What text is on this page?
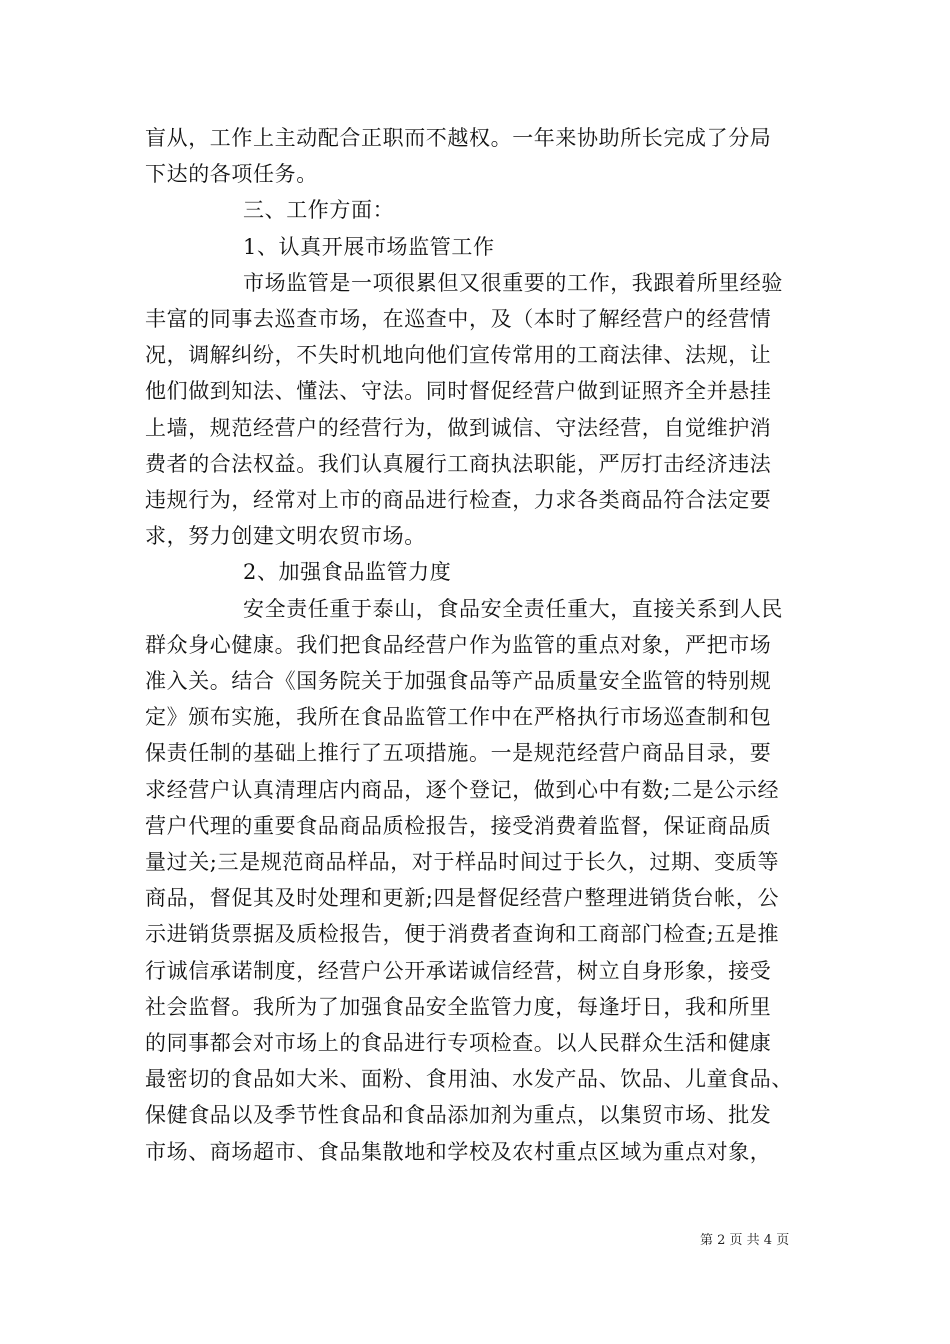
盲从，工作上主动配合正职而不越权。一年来协助所长完成了分局
下达的各项任务。
三、工作方面：
1、认真开展市场监管工作
市场监管是一项很累但又很重要的工作，我跟着所里经验
丰富的同事去巡查市场，在巡查中，及（本时了解经营户的经营情
况，调解纠纷，不失时机地向他们宣传常用的工商法律、法规，让
他们做到知法、懂法、守法。同时督促经营户做到证照齐全并悬挂
上墙，规范经营户的经营行为，做到诚信、守法经营，自觉维护消
费者的合法权益。我们认真履行工商执法职能，严厉打击经济违法
违规行为，经常对上市的商品进行检查，力求各类商品符合法定要
求，努力创建文明农贸市场。
2、加强食品监管力度
安全责任重于泰山，食品安全责任重大，直接关系到人民
群众身心健康。我们把食品经营户作为监管的重点对象，严把市场
准入关。结合《国务院关于加强食品等产品质量安全监管的特别规
定》颁布实施，我所在食品监管工作中在严格执行市场巡查制和包
保责任制的基础上推行了五项措施。一是规范经营户商品目录，要
求经营户认真清理店内商品，逐个登记，做到心中有数;二是公示经
营户代理的重要食品商品质检报告，接受消费着监督，保证商品质
量过关;三是规范商品样品，对于样品时间过于长久，过期、变质等
商品，督促其及时处理和更新;四是督促经营户整理进销货台帐，公
示进销货票据及质检报告，便于消费者查询和工商部门检查;五是推
行诚信承诺制度，经营户公开承诺诚信经营，树立自身形象，接受
社会监督。我所为了加强食品安全监管力度，每逢圩日，我和所里
的同事都会对市场上的食品进行专项检查。以人民群众生活和健康
最密切的食品如大米、面粉、食用油、水发产品、饮品、儿童食品、
保健食品以及季节性食品和食品添加剂为重点，以集贸市场、批发
市场、商场超市、食品集散地和学校及农村重点区域为重点对象，
第 2 页 共 4 页
